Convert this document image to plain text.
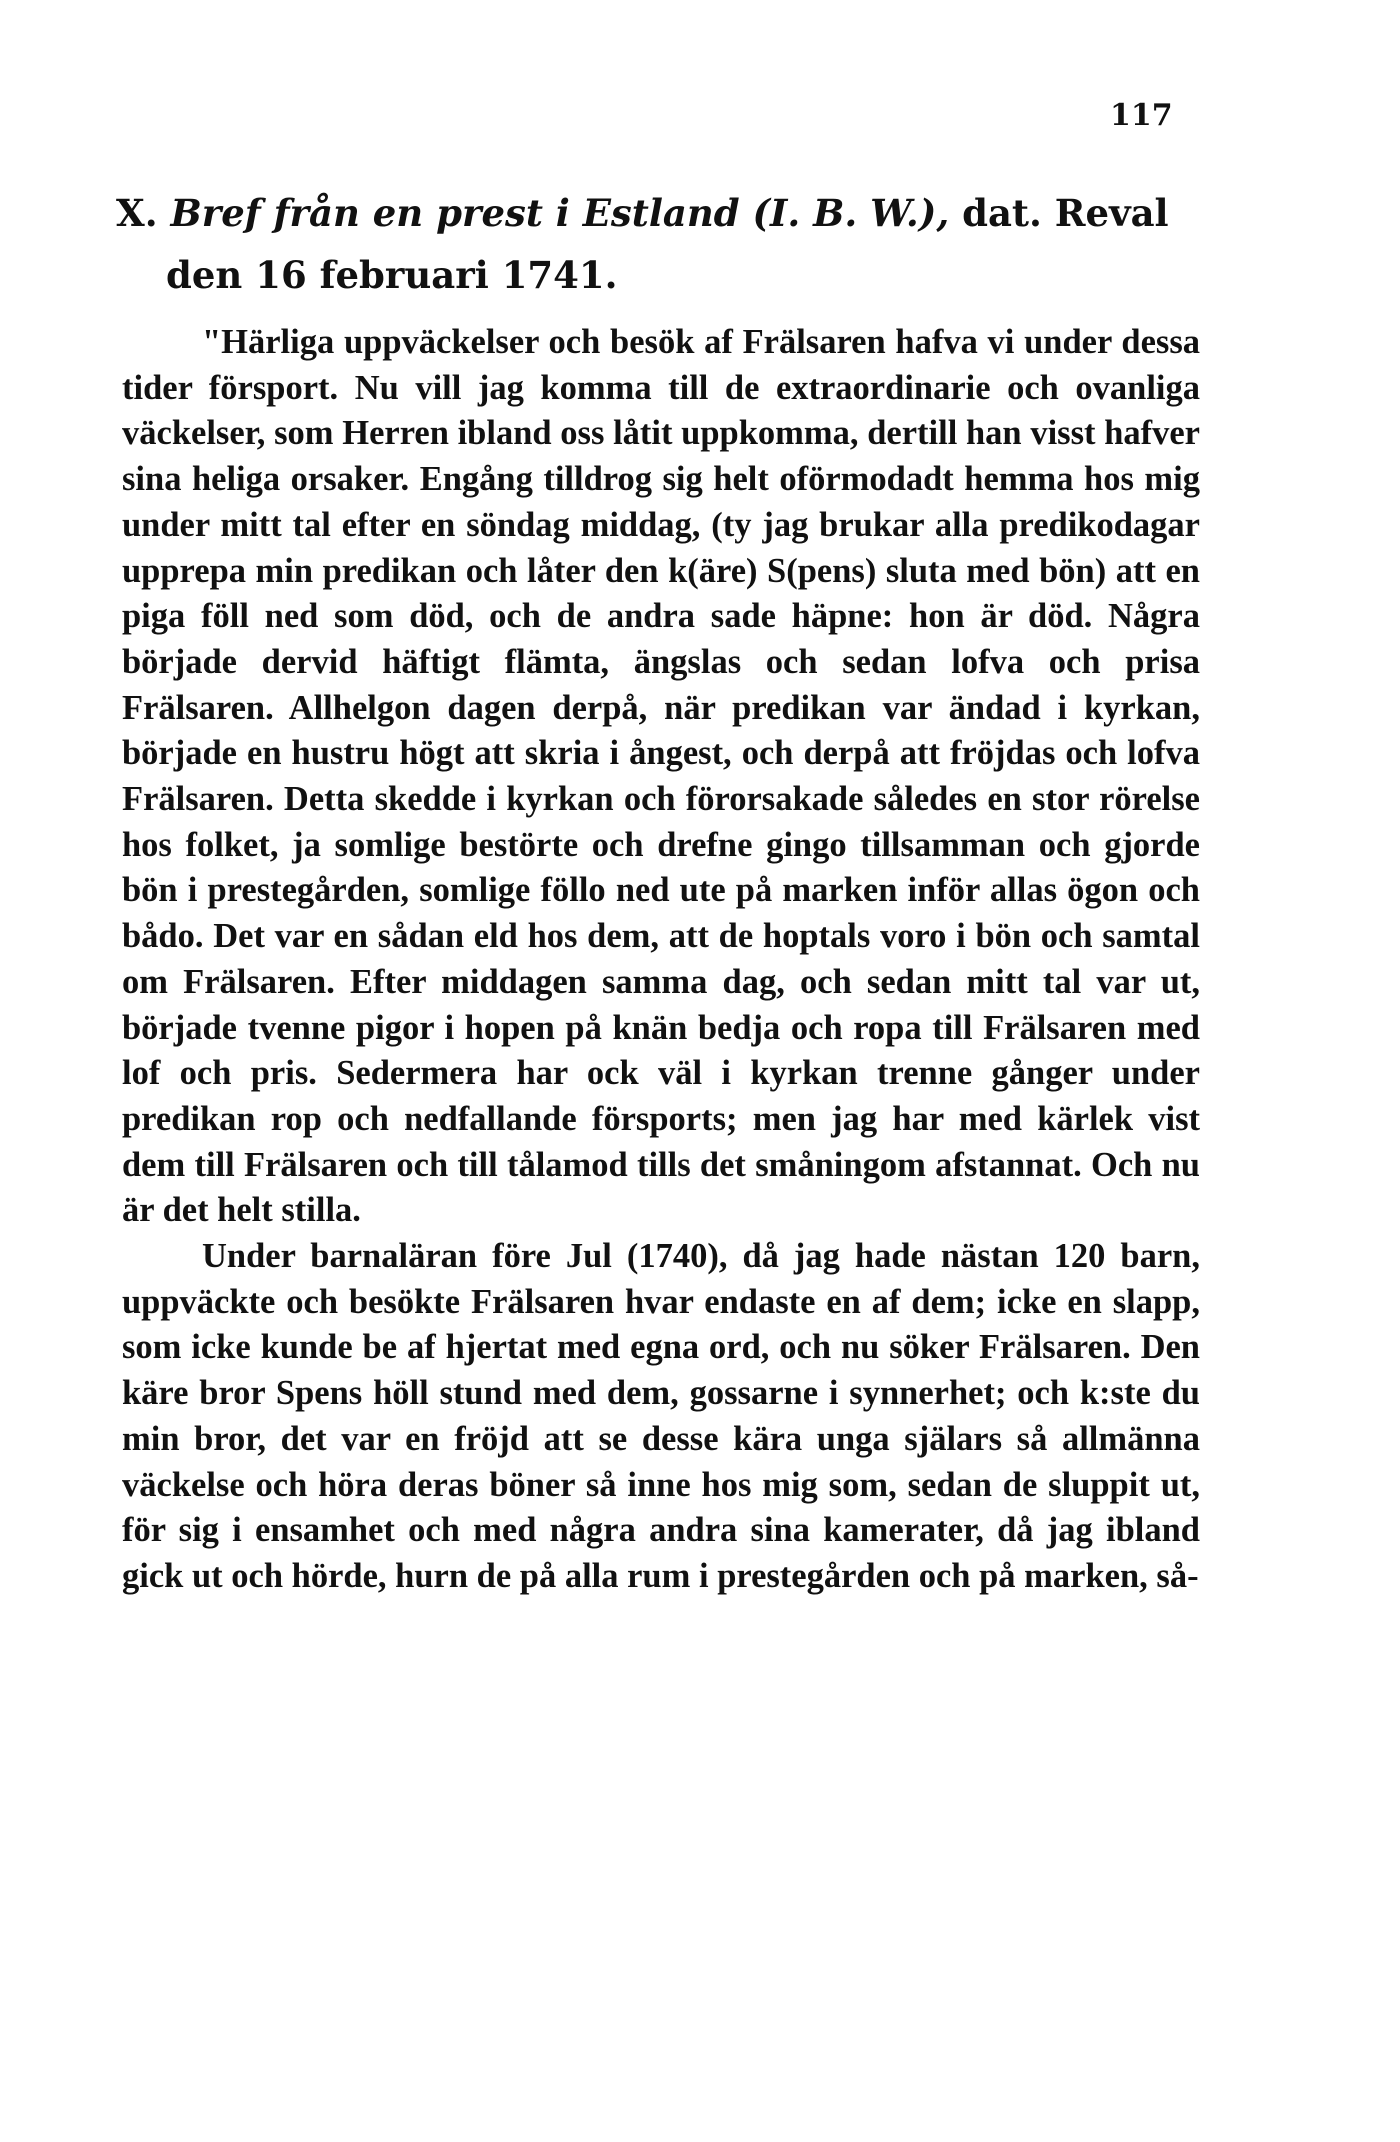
117
X. Bref från en prest i Estland (I. B. W.), dat. Reval
den 16 februari 1741.

"Härliga uppväckelser och besök af Frälsaren hafva vi under dessa tider försport. Nu vill jag komma till de extraordinarie och ovanliga väckelser, som Herren ibland oss låtit uppkomma, dertill han visst hafver sina heliga orsaker. Engång tilldrog sig helt oförmodadt hemma hos mig under mitt tal efter en söndag middag, (ty jag brukar alla predikodagar upprepa min predikan och låter den k(äre) S(pens) sluta med bön) att en piga föll ned som död, och de andra sade häpne: hon är död. Några började dervid häftigt flämta, ängslas och sedan lofva och prisa Frälsaren. Allhelgon dagen derpå, när predikan var ändad i kyrkan, började en hustru högt att skria i ångest, och derpå att fröjdas och lofva Frälsaren. Detta skedde i kyrkan och förorsakade således en stor rörelse hos folket, ja somlige bestörte och drefne gingo tillsamman och gjorde bön i prestegården, somlige föllo ned ute på marken inför allas ögon och bådo. Det var en sådan eld hos dem, att de hoptals voro i bön och samtal om Frälsaren. Efter middagen samma dag, och sedan mitt tal var ut, började tvenne pigor i hopen på knän bedja och ropa till Frälsaren med lof och pris. Sedermera har ock väl i kyrkan trenne gånger under predikan rop och nedfallande försports; men jag har med kärlek vist dem till Frälsaren och till tålamod tills det småningom afstannat. Och nu är det helt stilla.

Under barnaläran före Jul (1740), då jag hade nästan 120 barn, uppväckte och besökte Frälsaren hvar endaste en af dem; icke en slapp, som icke kunde be af hjertat med egna ord, och nu söker Frälsaren. Den käre bror Spens höll stund med dem, gossarne i synnerhet; och k:ste du min bror, det var en fröjd att se desse kära unga själars så allmänna väckelse och höra deras böner så inne hos mig som, sedan de sluppit ut, för sig i ensamhet och med några andra sina kamerater, då jag ibland gick ut och hörde, hurn de på alla rum i prestegården och på marken, så-
